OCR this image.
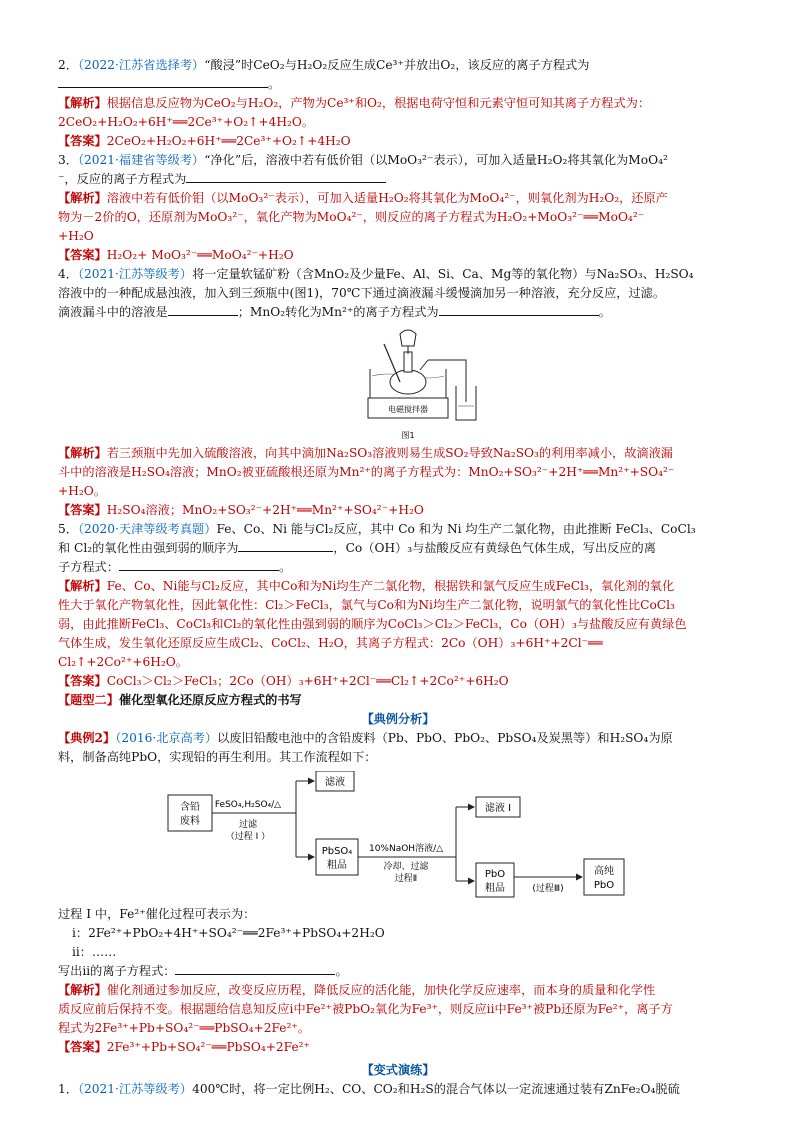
2．（2022·江苏省选择考）“酸浸”时CeO₂与H₂O₂反应生成Ce³⁺并放出O₂，该反应的离子方程式为

。

【解析】根据信息反应物为CeO₂与H₂O₂，产物为Ce³⁺和O₂，根据电荷守恒和元素守恒可知其离子方程式为：

2CeO₂+H₂O₂+6H⁺══2Ce³⁺+O₂↑+4H₂O。

【答案】2CeO₂+H₂O₂+6H⁺══2Ce³⁺+O₂↑+4H₂O

3．（2021·福建省等级考）“净化”后，溶液中若有低价钼（以MoO₃²⁻表示），可加入适量H₂O₂将其氧化为MoO₄²

⁻，反应的离子方程式为

【解析】溶液中若有低价钼（以MoO₃²⁻表示），可加入适量H₂O₂将其氧化为MoO₄²⁻，则氧化剂为H₂O₂，还原产

物为－2价的O，还原剂为MoO₃²⁻，氧化产物为MoO₄²⁻，则反应的离子方程式为H₂O₂+MoO₃²⁻══MoO₄²⁻

+H₂O

【答案】H₂O₂+ MoO₃²⁻══MoO₄²⁻+H₂O

4．（2021·江苏等级考）将一定量软锰矿粉（含MnO₂及少量Fe、Al、Si、Ca、Mg等的氧化物）与Na₂SO₃、H₂SO₄

溶液中的一种配成悬浊液，加入到三颈瓶中(图1)，70℃下通过滴液漏斗缓慢滴加另一种溶液，充分反应，过滤。

滴液漏斗中的溶液是	；MnO₂转化为Mn²⁺的离子方程式为	。

电磁搅拌器
图1

【解析】若三颈瓶中先加入硫酸溶液，向其中滴加Na₂SO₃溶液则易生成SO₂导致Na₂SO₃的利用率减小，故滴液漏

斗中的溶液是H₂SO₄溶液；MnO₂被亚硫酸根还原为Mn²⁺的离子方程式为：MnO₂+SO₃²⁻+2H⁺══Mn²⁺+SO₄²⁻

+H₂O。

【答案】H₂SO₄溶液；MnO₂+SO₃²⁻+2H⁺══Mn²⁺+SO₄²⁻+H₂O

5．（2020·天津等级考真题）Fe、Co、Ni 能与Cl₂反应，其中 Co 和为 Ni 均生产二氯化物，由此推断 FeCl₃、CoCl₃

和 Cl₂的氧化性由强到弱的顺序为	，Co（OH）₃与盐酸反应有黄绿色气体生成，写出反应的离

子方程式：	。

【解析】Fe、Co、Ni能与Cl₂反应，其中Co和为Ni均生产二氯化物，根据铁和氯气反应生成FeCl₃，氧化剂的氧化

性大于氧化产物氧化性，因此氧化性：Cl₂＞FeCl₃，氯气与Co和为Ni均生产二氯化物，说明氯气的氧化性比CoCl₃

弱，由此推断FeCl₃、CoCl₃和Cl₂的氧化性由强到弱的顺序为CoCl₃＞Cl₂＞FeCl₃，Co（OH）₃与盐酸反应有黄绿色

气体生成，发生氧化还原反应生成Cl₂、CoCl₂、H₂O，其离子方程式：2Co（OH）₃+6H⁺+2Cl⁻══

Cl₂↑+2Co²⁺+6H₂O。

【答案】CoCl₃＞Cl₂＞FeCl₃；2Co（OH）₃+6H⁺+2Cl⁻══Cl₂↑+2Co²⁺+6H₂O

【题型二】催化型氧化还原反应方程式的书写

【典例分析】

【典例2】（2016·北京高考）以废旧铅酸电池中的含铅废料（Pb、PbO、PbO₂、PbSO₄及炭黑等）和H₂SO₄为原

料，制备高纯PbO，实现铅的再生利用。其工作流程如下：

含铅
废料
FeSO₄,H₂SO₄/△
过滤
（过程 I ）
滤液
PbSO₄
粗品
10%NaOH溶液/△
冷却、过滤
过程Ⅱ
滤液 I
PbO
粗品	(过程Ⅲ)
高纯
PbO

过程 I 中，Fe²⁺催化过程可表示为：

i：2Fe²⁺+PbO₂+4H⁺+SO₄²⁻══2Fe³⁺+PbSO₄+2H₂O

ii：……

写出ii的离子方程式：	。

【解析】催化剂通过参加反应，改变反应历程，降低反应的活化能，加快化学反应速率，而本身的质量和化学性

质反应前后保持不变。根据题给信息知反应i中Fe²⁺被PbO₂氧化为Fe³⁺，则反应ii中Fe³⁺被Pb还原为Fe²⁺，离子方

程式为2Fe³⁺+Pb+SO₄²⁻══PbSO₄+2Fe²⁺。

【答案】2Fe³⁺+Pb+SO₄²⁻══PbSO₄+2Fe²⁺

【变式演练】

1．（2021·江苏等级考）400℃时，将一定比例H₂、CO、CO₂和H₂S的混合气体以一定流速通过装有ZnFe₂O₄脱硫
